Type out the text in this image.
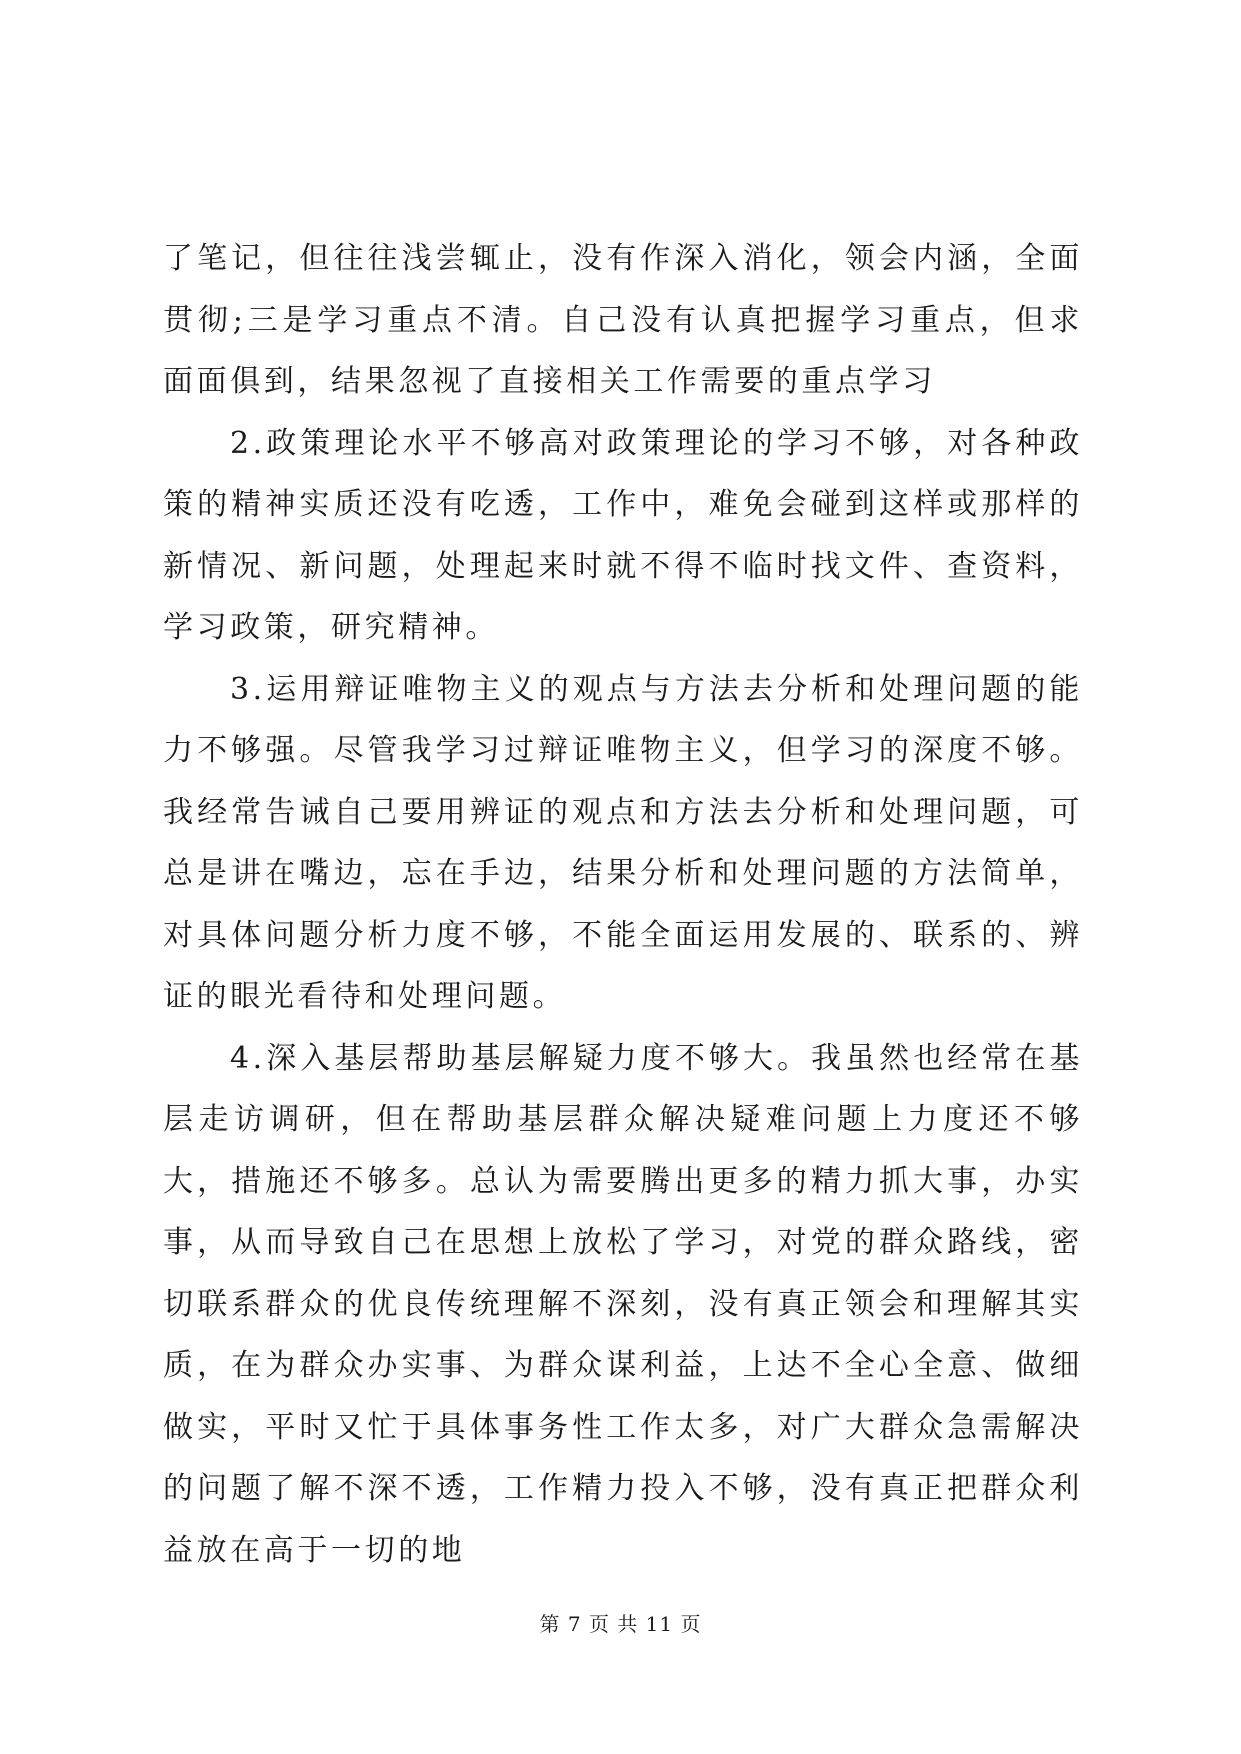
了笔记，但往往浅尝辄止，没有作深入消化，领会内涵，全面贯彻;三是学习重点不清。自己没有认真把握学习重点，但求面面俱到，结果忽视了直接相关工作需要的重点学习

2.政策理论水平不够高对政策理论的学习不够，对各种政策的精神实质还没有吃透，工作中，难免会碰到这样或那样的新情况、新问题，处理起来时就不得不临时找文件、查资料，学习政策，研究精神。

3.运用辩证唯物主义的观点与方法去分析和处理问题的能力不够强。尽管我学习过辩证唯物主义，但学习的深度不够。我经常告诫自己要用辨证的观点和方法去分析和处理问题，可总是讲在嘴边，忘在手边，结果分析和处理问题的方法简单，对具体问题分析力度不够，不能全面运用发展的、联系的、辨证的眼光看待和处理问题。

4.深入基层帮助基层解疑力度不够大。我虽然也经常在基层走访调研，但在帮助基层群众解决疑难问题上力度还不够大，措施还不够多。总认为需要腾出更多的精力抓大事，办实事，从而导致自己在思想上放松了学习，对党的群众路线，密切联系群众的优良传统理解不深刻，没有真正领会和理解其实质，在为群众办实事、为群众谋利益，上达不全心全意、做细做实，平时又忙于具体事务性工作太多，对广大群众急需解决的问题了解不深不透，工作精力投入不够，没有真正把群众利益放在高于一切的地

第 7 页 共 11 页
